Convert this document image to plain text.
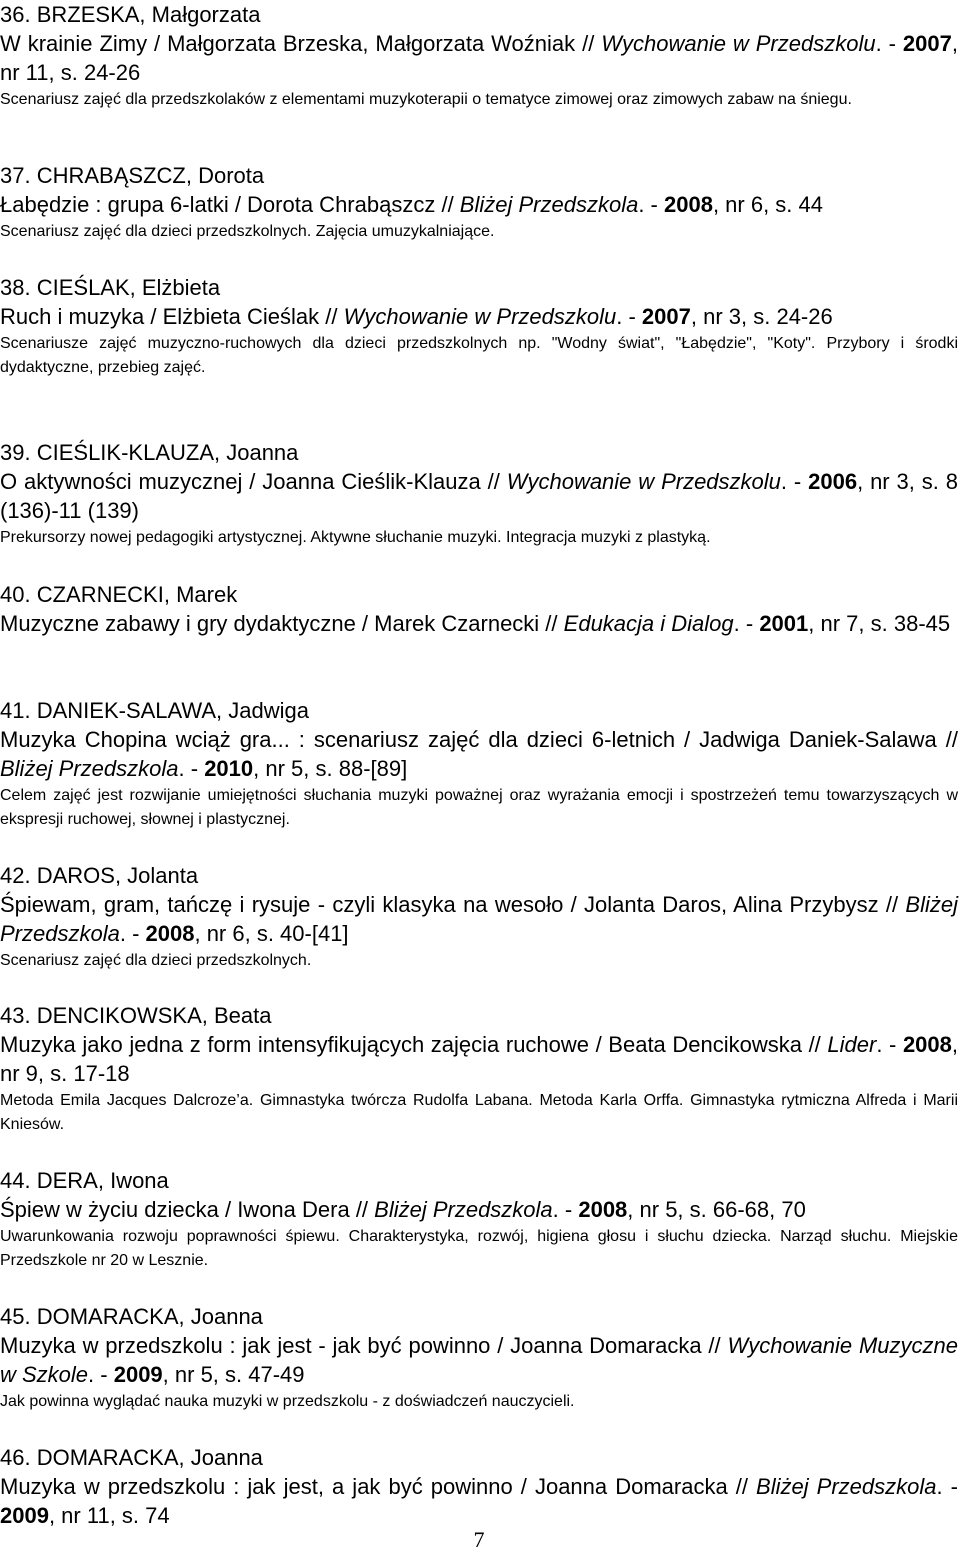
36. BRZESKA, Małgorzata
W krainie Zimy / Małgorzata Brzeska, Małgorzata Woźniak // Wychowanie w Przedszkolu. - 2007, nr 11, s. 24-26
Scenariusz zajęć dla przedszkolaków z elementami muzykoterapii o tematyce zimowej oraz zimowych zabaw na śniegu.
37. CHRABĄSZCZ, Dorota
Łabędzie : grupa 6-latki / Dorota Chrabąszcz // Bliżej Przedszkola. - 2008, nr 6, s. 44
Scenariusz zajęć dla dzieci przedszkolnych. Zajęcia umuzykalniające.
38. CIEŚLAK, Elżbieta
Ruch i muzyka / Elżbieta Cieślak // Wychowanie w Przedszkolu. - 2007, nr 3, s. 24-26
Scenariusze zajęć muzyczno-ruchowych dla dzieci przedszkolnych np. "Wodny świat", "Łabędzie", "Koty". Przybory i środki dydaktyczne, przebieg zajęć.
39. CIEŚLIK-KLAUZA, Joanna
O aktywności muzycznej / Joanna Cieślik-Klauza // Wychowanie w Przedszkolu. - 2006, nr 3, s. 8 (136)-11 (139)
Prekursorzy nowej pedagogiki artystycznej. Aktywne słuchanie muzyki. Integracja muzyki z plastyką.
40. CZARNECKI, Marek
Muzyczne zabawy i gry dydaktyczne / Marek Czarnecki // Edukacja i Dialog. - 2001, nr 7, s. 38-45
41. DANIEK-SALAWA, Jadwiga
Muzyka Chopina wciąż gra... : scenariusz zajęć dla dzieci 6-letnich / Jadwiga Daniek-Salawa // Bliżej Przedszkola. - 2010, nr 5, s. 88-[89]
Celem zajęć jest rozwijanie umiejętności słuchania muzyki poważnej oraz wyrażania emocji i spostrzeżeń temu towarzyszących w ekspresji ruchowej, słownej i plastycznej.
42. DAROS, Jolanta
Śpiewam, gram, tańczę i rysuje - czyli klasyka na wesoło / Jolanta Daros, Alina Przybysz // Bliżej Przedszkola. - 2008, nr 6, s. 40-[41]
Scenariusz zajęć dla dzieci przedszkolnych.
43. DENCIKOWSKA, Beata
Muzyka jako jedna z form intensyfikujących zajęcia ruchowe / Beata Dencikowska // Lider. - 2008, nr 9, s. 17-18
Metoda Emila Jacques Dalcroze’a. Gimnastyka twórcza Rudolfa Labana. Metoda Karla Orffa. Gimnastyka rytmiczna Alfreda i Marii Kniesów.
44. DERA, Iwona
Śpiew w życiu dziecka / Iwona Dera // Bliżej Przedszkola. - 2008, nr 5, s. 66-68, 70
Uwarunkowania rozwoju poprawności śpiewu. Charakterystyka, rozwój, higiena głosu i słuchu dziecka. Narząd słuchu. Miejskie Przedszkole nr 20 w Lesznie.
45. DOMARACKA, Joanna
Muzyka w przedszkolu : jak jest - jak być powinno / Joanna Domaracka // Wychowanie Muzyczne w Szkole. - 2009, nr 5, s. 47-49
Jak powinna wyglądać nauka muzyki w przedszkolu - z doświadczeń nauczycieli.
46. DOMARACKA, Joanna
Muzyka w przedszkolu : jak jest, a jak być powinno / Joanna Domaracka // Bliżej Przedszkola. - 2009, nr 11, s. 74
7
